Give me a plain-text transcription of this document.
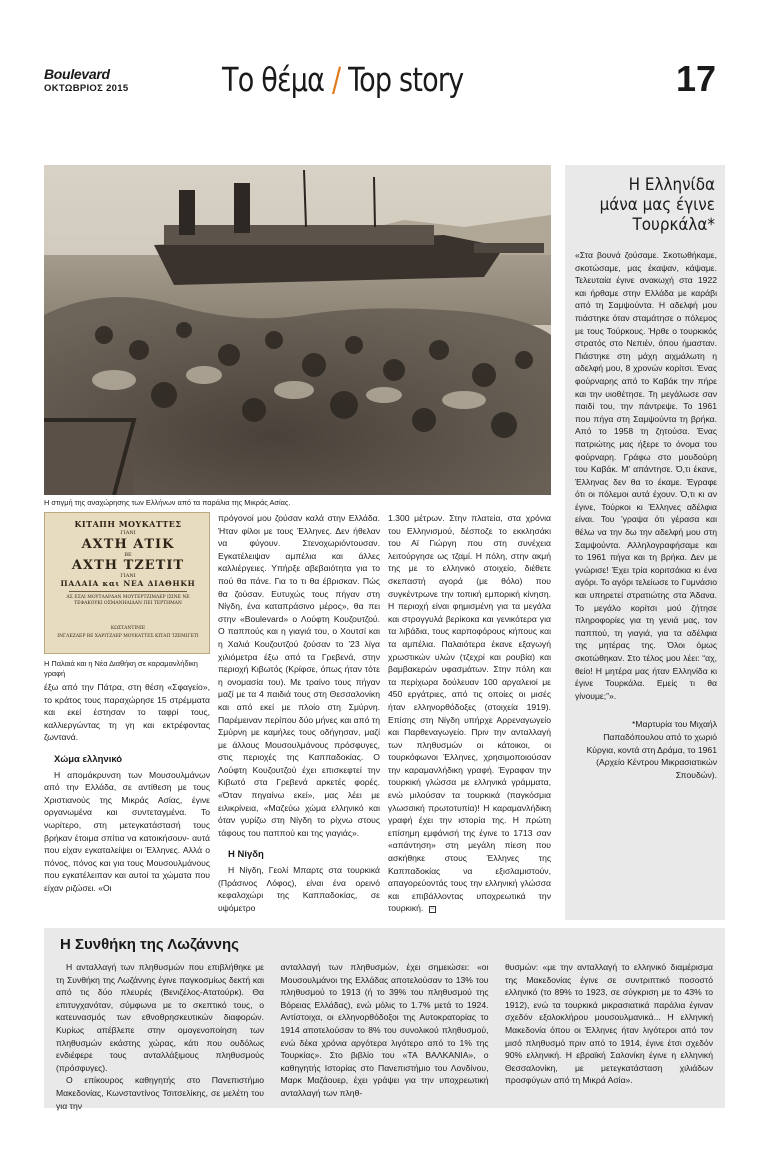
Boulevard
ΟΚΤΩΒΡΙΟΣ 2015	Το θέμα / Top story	17
Η στιγμή της αναχώρησης των Ελλήνων από τα παράλια της Μικράς Ασίας.
Η Ελληνίδα μάνα μας έγινε Τουρκάλα*

«Στα βουνά ζούσαμε. Σκοτωθήκαμε, σκοτώσαμε, μας έκαψαν, κάψαμε. Τελευταία έγινε ανακωχή στα 1922 και ήρθαμε στην Ελλάδα με καράβι από τη Σαμψούντα. Η αδελφή μου πιάστηκε όταν σταμάτησε ο πόλεμος με τους Τούρκους. Ήρθε ο τουρκικός στρατός στο Νεπιέν, όπου ήμασταν. Πιάστηκε στη μάχη αιχμάλωτη η αδελφή μου, 8 χρονών κορίτσι. Ένας φούρναρης από το Καβάκ την πήρε και την υιοθέτησε. Τη μεγάλωσε σαν παιδί του, την πάντρεψε. Το 1961 που πήγα στη Σαμψούντα τη βρήκα. Από το 1958 τη ζητούσα. Ένας πατριώτης μας ήξερε το όνομα του φούρναρη. Γράφω στο μουδούρη του Καβάκ. Μ' απάντησε. Ό,τι έκανε, Έλληνας δεν θα το έκαμε. Έγραφε ότι οι πόλεμοι αυτά έχουν. Ό,τι κι αν έγινε, Τούρκοι κι Έλληνες αδέλφια είναι. Του 'γραψα ότι γέρασα και θέλω να την δω την αδελφή μου στη Σαμψούντα. Αλληλογραφήσαμε και το 1961 πήγα και τη βρήκα. Δεν με γνώρισε! Έχει τρία κοριτσάκια κι ένα αγόρι. Το αγόρι τελείωσε το Γυμνάσιο και υπηρετεί στρατιώτης στα Άδανα. Το μεγάλο κορίτσι μού ζήτησε πληροφορίες για τη γενιά μας, τον παππού, τη γιαγιά, για τα αδέλφια της μητέρας της. Όλοι όμως σκοτώθηκαν. Στο τέλος μου λέει: “αχ, θείο! Η μητέρα μας ήταν Ελληνίδα κι έγινε Τουρκάλα. Εμείς τι θα γίνουμε;”».

*Μαρτυρία του Μιχαήλ Παπαδόπουλου από το χωριό Κύργια, κοντά στη Δράμα, το 1961 (Αρχείο Κέντρου Μικρασιατικών Σπουδών).

ΚΙΤΑΠΗ ΜΟΥΚΑΤΤΕΣ
ΓΙΑΝΙ
ΑΧΤΗ ΑΤΙΚ
ΒΕ
ΑΧΤΗ ΤΖΕΤΙΤ
ΓΙΑΝΙ
ΠΑΛΑΙΑ και ΝΕΑ ΔΙΑΘΗΚΗ
ΑΣ ΕΣΛΙ ΜΟΥΤΛΑΡΔΑΝ ΜΟΥΤΕΡΤΖΙΜΛΕΡ ΙΣΙΝΕ ΝΕ ΤΕΦΑΚΟΥΚΙ ΟΣΜΑΝΗΑΙΔΑΝ ΠΕΙ ΤΕΡΤΗΜΑΝ
ΚΩΣΤΑΝΤΙΝΙΕ
ΙΝΓΛΕΖΛΕΡ ΒΕ ΧΑΡΙΤΖΛΕΡ ΜΟΥΚΑΤΤΕΣ ΚΙΤΑΠ ΤΖΕΜΙΓΕΤΙ
Η Παλαιά και η Νέα Διαθήκη σε καραμανλήδικη γραφή

έξω από την Πάτρα, στη θέση «Σφαγείο», το κράτος τους παραχώρησε 15 στρέμματα και εκεί έστησαν το ταφρί τους, καλλιεργώντας τη γη και εκτρέφοντας ζωντανά.

Χώμα ελληνικό

Η απομάκρυνση των Μουσουλμάνων από την Ελλάδα, σε αντίθεση με τους Χριστιανούς της Μικράς Ασίας, έγινε οργανωμένα και συντεταγμένα. Το νωρίτερο, στη μετεγκατάστασή τους βρήκαν έτοιμα σπίτια να κατοικήσουν- αυτά που είχαν εγκαταλείψει οι Έλληνες. Αλλά ο πόνος, πόνος και για τους Μουσουλμάνους που εγκατέλειπαν και αυτοί τα χώματα που είχαν ριζώσει. «Οι

πρόγονοί μου ζούσαν καλά στην Ελλάδα. Ήταν φίλοι με τους Έλληνες. Δεν ήθελαν να φύγουν. Στενοχωριόντουσαν. Εγκατέλειψαν αμπέλια και άλλες καλλιέργειες. Υπήρξε αβεβαιότητα για το πού θα πάνε. Για το τι θα έβρισκαν. Πώς θα ζούσαν. Ευτυχώς τους πήγαν στη Νίγδη, ένα καταπράσινο μέρος», θα πει στην «Boulevard» ο Λούφτη Κουζουτζού. Ο παππούς και η γιαγιά του, ο Χουτσί και η Χαλιά Κουζουτζού ζούσαν το '23 λίγα χιλιόμετρα έξω από τα Γρεβενά, στην περιοχή Κιβωτός (Κρίφσε, όπως ήταν τότε η ονομασία του). Με τραίνο τους πήγαν μαζί με τα 4 παιδιά τους στη Θεσσαλονίκη και από εκεί με πλοίο στη Σμύρνη. Παρέμειναν περίπου δύο μήνες και από τη Σμύρνη με καμήλες τους οδήγησαν, μαζί με άλλους Μουσουλμάνους πρόσφυγες, στις περιοχές της Καππαδοκίας. Ο Λούφτη Κουζουτζού έχει επισκεφτεί την Κιβωτό στα Γρεβενά αρκετές φορές. «Όταν πηγαίνω εκεί», μας λέει με ειλικρίνεια, «Μαζεύω χώμα ελληνικό και όταν γυρίζω στη Νίγδη το ρίχνω στους τάφους του παππού και της γιαγιάς».

Η Νίγδη

Η Νίγδη, Γεολί Μπαρτς στα τουρκικά (Πράσινος Λόφος), είναι ένα ορεινό κεφαλοχώρι της Καππαδοκίας, σε υψόμετρο

1.300 μέτρων. Στην πλατεία, στα χρόνια του Ελληνισμού, δέσποζε το εκκλησάκι του Αϊ Γιώργη που στη συνέχεια λειτούργησε ως τζαμί. Η πόλη, στην ακμή της με το ελληνικό στοιχείο, διέθετε σκεπαστή αγορά (με θόλο) που συγκέντρωνε την τοπική εμπορική κίνηση. Η περιοχή είναι φημισμένη για τα μεγάλα και στρογγυλά βερίκοκα και γενικότερα για τα λιβάδια, τους καρποφόρους κήπους και τα αμπέλια. Παλαιότερα έκανε εξαγωγή χρωστικών υλών (τζεχρί και ρουβία) και βαμβακερών υφασμάτων. Στην πόλη και τα περίχωρα δούλευαν 100 αργαλειοί με 450 εργάτριες, από τις οποίες οι μισές ήταν ελληνορθόδοξες (στοιχεία 1919). Επίσης στη Νίγδη υπήρχε Αρρεναγωγείο και Παρθεναγωγείο. Πριν την ανταλλαγή των πληθυσμών οι κάτοικοι, οι τουρκόφωνοι Έλληνες, χρησιμοποιούσαν την καραμανλήδικη γραφή. Έγραφαν την τουρκική γλώσσα με ελληνικά γράμματα, ενώ μιλούσαν τα τουρκικά (παγκόσμια γλωσσική πρωτοτυπία)! Η καραμανλήδικη γραφή έχει την ιστορία της. Η πρώτη επίσημη εμφάνισή της έγινε το 1713 σαν «απάντηση» στη μεγάλη πίεση που ασκήθηκε στους Έλληνες της Καππαδοκίας να εξισλαμιστούν, απαγορεύοντάς τους την ελληνική γλώσσα και επιβάλλοντας υποχρεωτικά την τουρκική. −

Η Συνθήκη της Λωζάννης

Η ανταλλαγή των πληθυσμών που επιβλήθηκε με τη Συνθήκη της Λωζάννης έγινε παγκοσμίως δεκτή και από τις δύο πλευρές (Βενιζέλος-Ατατούρκ). Θα επιτυγχανόταν, σύμφωνα με το σκεπτικό τους, ο κατευνασμός των εθνοθρησκευτικών διαφορών. Κυρίως απέβλεπε στην ομογενοποίηση των πληθυσμών εκάστης χώρας, κάτι που ουδόλως ενδιέφερε τους ανταλλάξιμους πληθυσμούς (πρόσφυγες).

Ο επίκουρος καθηγητής στο Πανεπιστήμιο Μακεδονίας, Κωνσταντίνος Τσιτσελίκης, σε μελέτη του για την

ανταλλαγή των πληθυσμών, έχει σημειώσει: «οι Μουσουλμάνοι της Ελλάδας αποτελούσαν το 13% του πληθυσμού το 1913 (ή το 39% του πληθυσμού της Βόρειας Ελλάδας), ενώ μόλις το 1.7% μετά το 1924. Αντίστοιχα, οι ελληνορθόδοξοι της Αυτοκρατορίας το 1914 αποτελούσαν το 8% του συνολικού πληθυσμού, ενώ δέκα χρόνια αργότερα λιγότερο από το 1% της Τουρκίας». Στο βιβλίο του «ΤΑ ΒΑΛΚΑΝΙΑ», ο καθηγητής Ιστορίας στο Πανεπιστήμιο του Λονδίνου, Μαρκ Μαζάουερ, έχει γράψει για την υποχρεωτική ανταλλαγή των πληθ-

θυσμών: «με την ανταλλαγή το ελληνικό διαμέρισμα της Μακεδονίας έγινε σε συντριπτικό ποσοστό ελληνικό (το 89% το 1923, σε σύγκριση με το 43% το 1912), ενώ τα τουρκικά μικρασιατικά παράλια έγιναν σχεδόν εξολοκλήρου μουσουλμανικά... Η ελληνική Μακεδονία όπου οι Έλληνες ήταν λιγότεροι από τον μισό πληθυσμό πριν από το 1914, έγινε έτσι σχεδόν 90% ελληνική. Η εβραϊκή Σαλονίκη έγινε η ελληνική Θεσσαλονίκη, με μετεγκατάσταση χιλιάδων προσφύγων από τη Μικρά Ασία».
